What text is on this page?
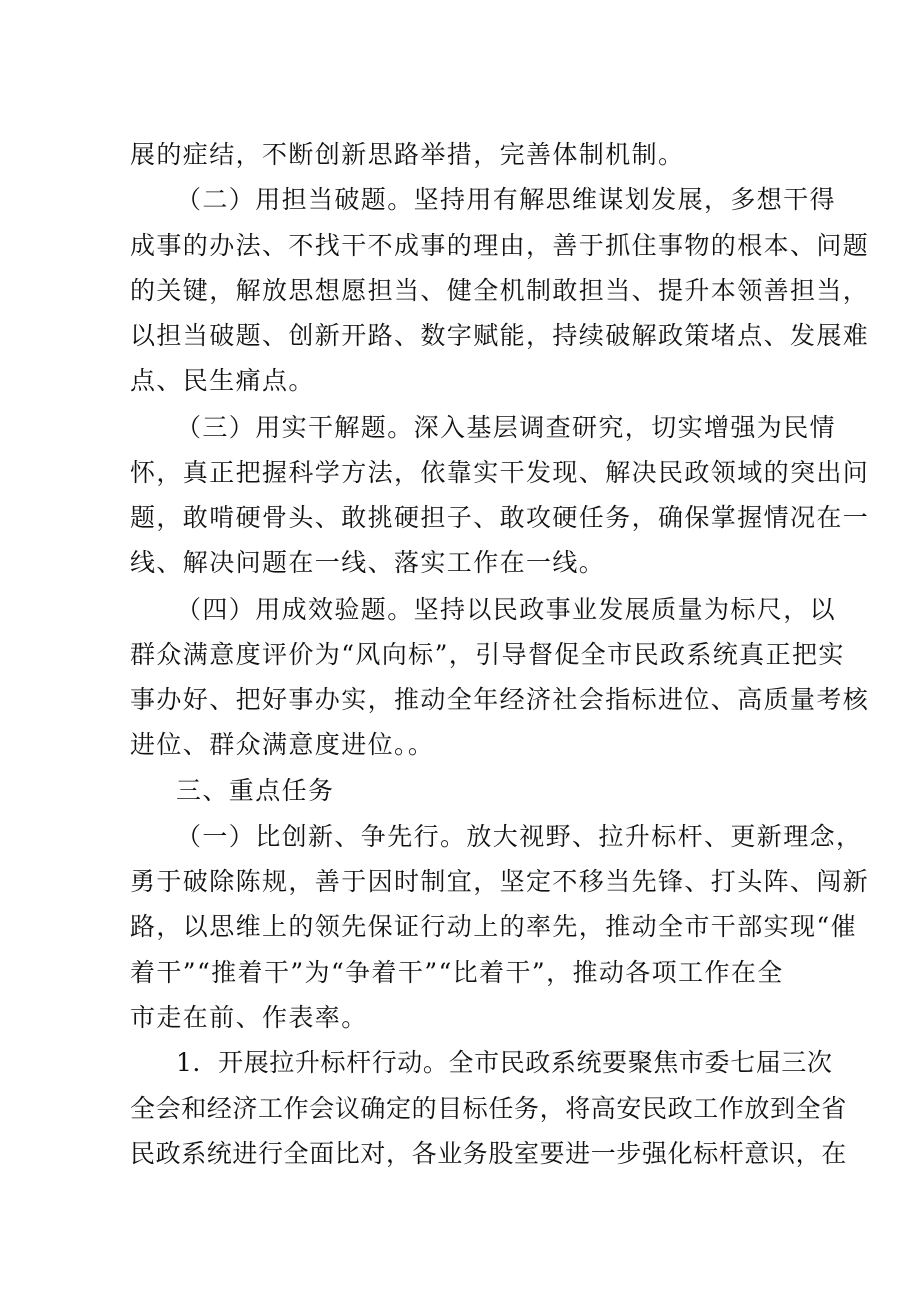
展的症结，不断创新思路举措，完善体制机制。
（二）用担当破题。坚持用有解思维谋划发展，多想干得
成事的办法、不找干不成事的理由，善于抓住事物的根本、问题
的关键，解放思想愿担当、健全机制敢担当、提升本领善担当，
以担当破题、创新开路、数字赋能，持续破解政策堵点、发展难
点、民生痛点。
（三）用实干解题。深入基层调查研究，切实增强为民情
怀，真正把握科学方法，依靠实干发现、解决民政领域的突出问
题，敢啃硬骨头、敢挑硬担子、敢攻硬任务，确保掌握情况在一
线、解决问题在一线、落实工作在一线。
（四）用成效验题。坚持以民政事业发展质量为标尺，以
群众满意度评价为“风向标”，引导督促全市民政系统真正把实
事办好、把好事办实，推动全年经济社会指标进位、高质量考核
进位、群众满意度进位。。
三、重点任务
（一）比创新、争先行。放大视野、拉升标杆、更新理念，
勇于破除陈规，善于因时制宜，坚定不移当先锋、打头阵、闯新
路，以思维上的领先保证行动上的率先，推动全市干部实现“催
着干”“推着干”为“争着干”“比着干”，推动各项工作在全
市走在前、作表率。
1．开展拉升标杆行动。全市民政系统要聚焦市委七届三次
全会和经济工作会议确定的目标任务，将高安民政工作放到全省
民政系统进行全面比对，各业务股室要进一步强化标杆意识，在
